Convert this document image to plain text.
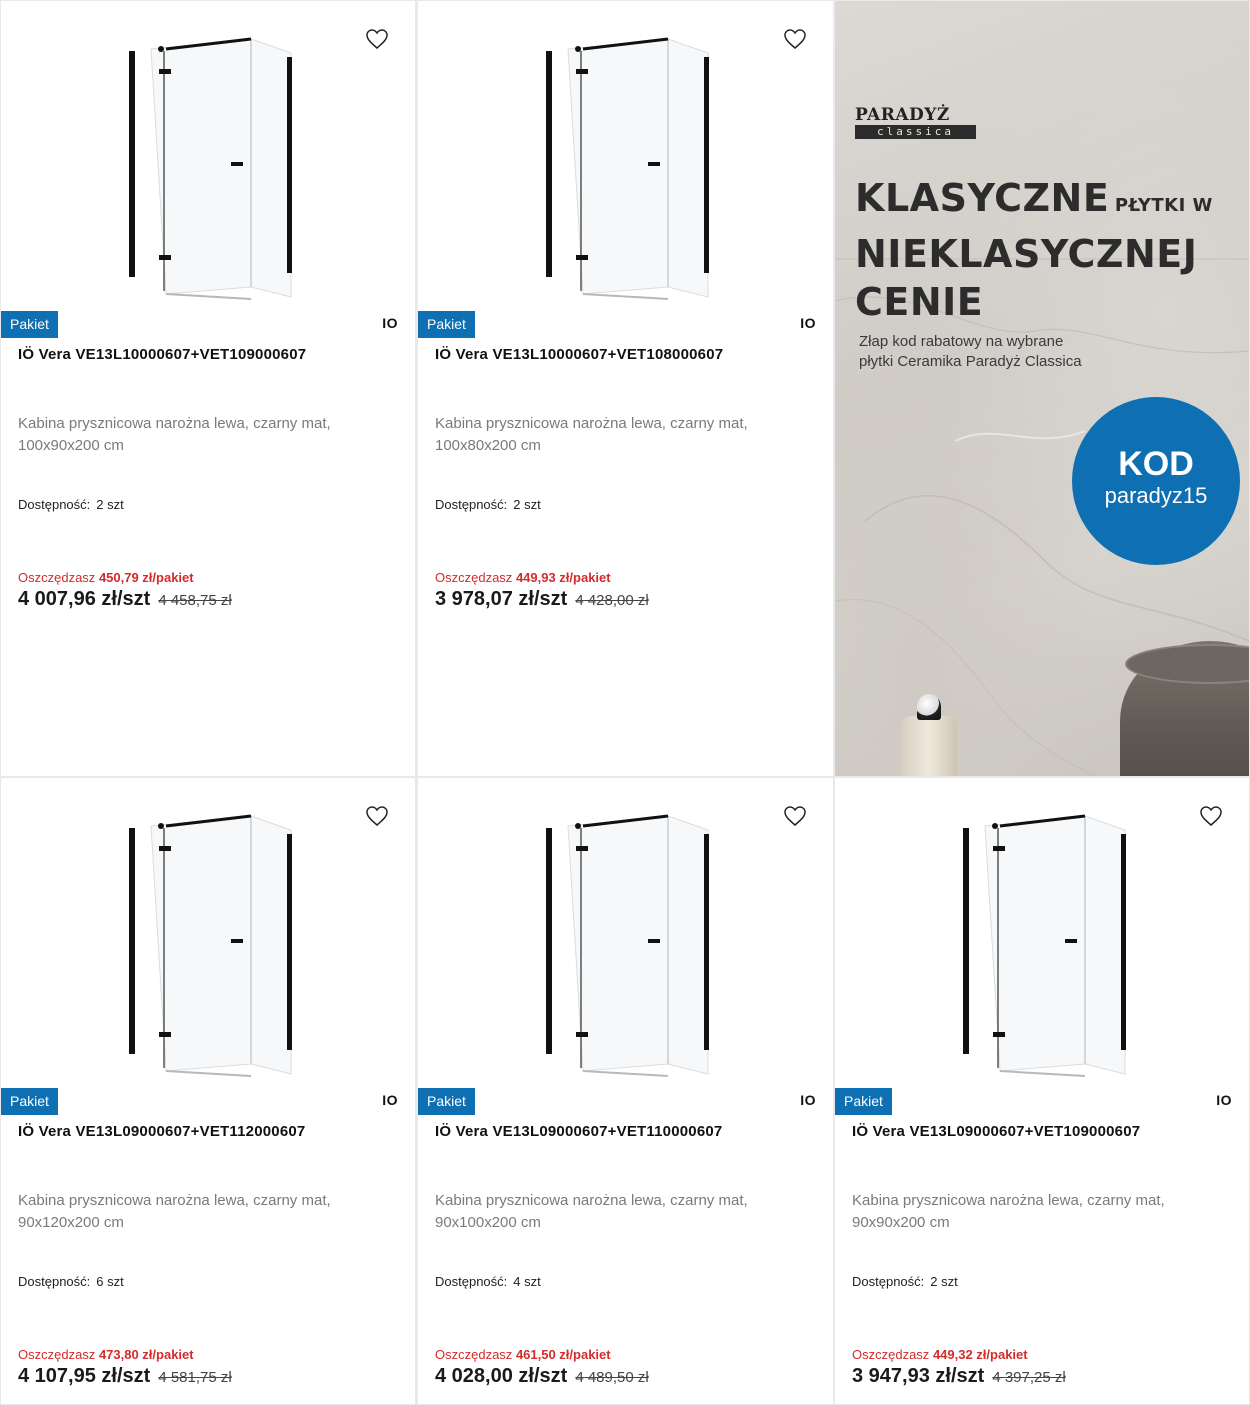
Pakiet	IO
IÖ Vera VE13L10000607+VET109000607
Kabina prysznicowa narożna lewa, czarny mat,
100x90x200 cm
Dostępność: 2 szt
Oszczędzasz 450,79 zł/pakiet
4 007,96 zł/szt 4 458,75 zł
Pakiet	IO
IÖ Vera VE13L10000607+VET108000607
Kabina prysznicowa narożna lewa, czarny mat,
100x80x200 cm
Dostępność: 2 szt
Oszczędzasz 449,93 zł/pakiet
3 978,07 zł/szt 4 428,00 zł
PARADYŻ
classica
KLASYCZNE PŁYTKI W
NIEKLASYCZNEJ
CENIE
Złap kod rabatowy na wybrane
płytki Ceramika Paradyż Classica
KOD
paradyz15
Pakiet	IO
IÖ Vera VE13L09000607+VET112000607
Kabina prysznicowa narożna lewa, czarny mat,
90x120x200 cm
Dostępność: 6 szt
Oszczędzasz 473,80 zł/pakiet
4 107,95 zł/szt 4 581,75 zł
Pakiet	IO
IÖ Vera VE13L09000607+VET110000607
Kabina prysznicowa narożna lewa, czarny mat,
90x100x200 cm
Dostępność: 4 szt
Oszczędzasz 461,50 zł/pakiet
4 028,00 zł/szt 4 489,50 zł
Pakiet	IO
IÖ Vera VE13L09000607+VET109000607
Kabina prysznicowa narożna lewa, czarny mat,
90x90x200 cm
Dostępność: 2 szt
Oszczędzasz 449,32 zł/pakiet
3 947,93 zł/szt 4 397,25 zł
